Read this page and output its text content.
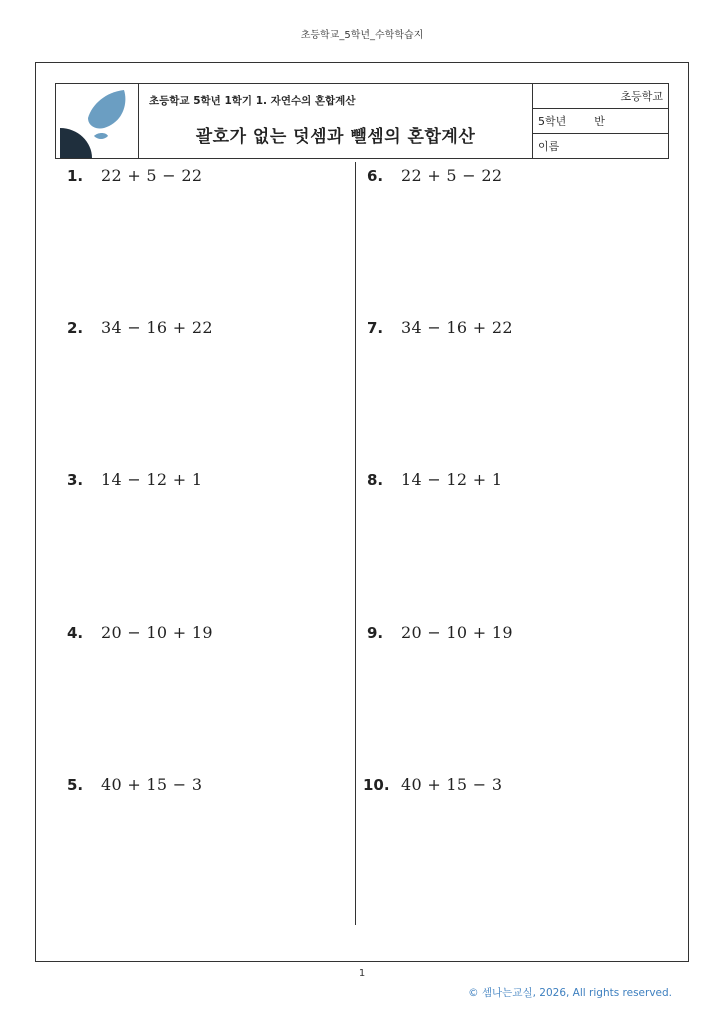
초등학교_5학년_수학학습지
초등학교 5학년 1학기 1. 자연수의 혼합계산
괄호가 없는 덧셈과 뺄셈의 혼합계산
초등학교
5학년	반
이름
1.	22 + 5 − 22
2.	34 − 16 + 22
3.	14 − 12 + 1
4.	20 − 10 + 19
5.	40 + 15 − 3
6.	22 + 5 − 22
7.	34 − 16 + 22
8.	14 − 12 + 1
9.	20 − 10 + 19
10. 40 + 15 − 3
1
© 셈나는교실, 2026, All rights reserved.
